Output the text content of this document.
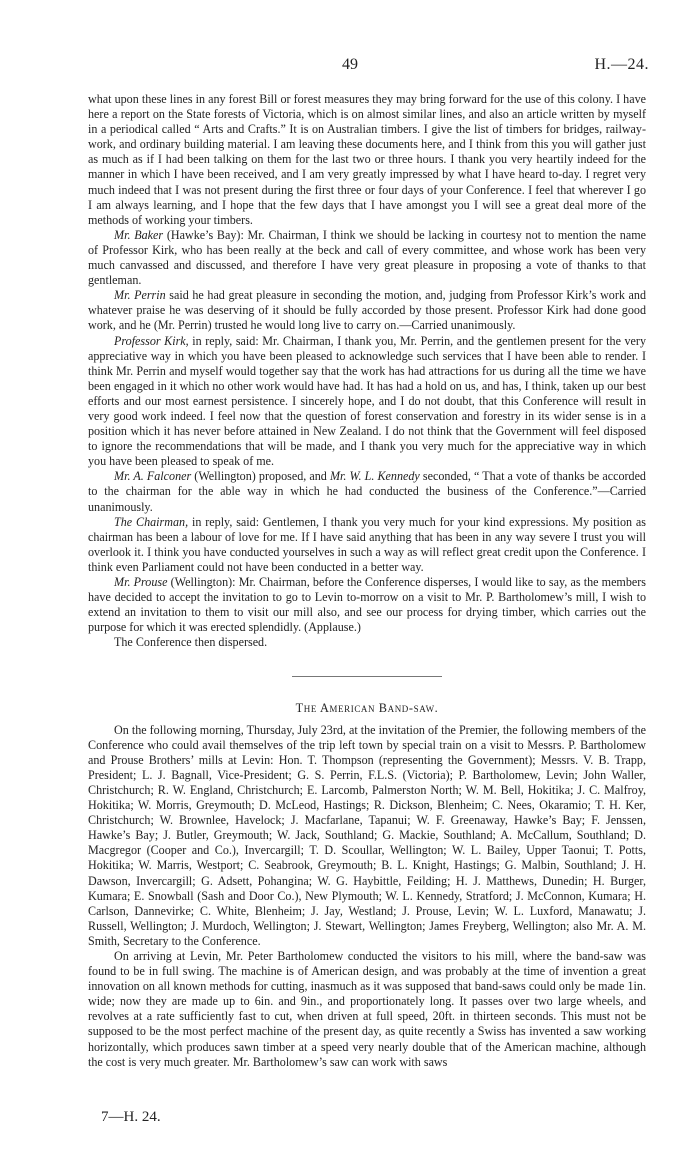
49	H.—24.

what upon these lines in any forest Bill or forest measures they may bring forward for the use of this colony. I have here a report on the State forests of Victoria, which is on almost similar lines, and also an article written by myself in a periodical called “ Arts and Crafts.” It is on Australian timbers. I give the list of timbers for bridges, railway-work, and ordinary building material. I am leaving these documents here, and I think from this you will gather just as much as if I had been talking on them for the last two or three hours. I thank you very heartily indeed for the manner in which I have been received, and I am very greatly impressed by what I have heard to-day. I regret very much indeed that I was not present during the first three or four days of your Conference. I feel that wherever I go I am always learning, and I hope that the few days that I have amongst you I will see a great deal more of the methods of working your timbers.

Mr. Baker (Hawke’s Bay): Mr. Chairman, I think we should be lacking in courtesy not to mention the name of Professor Kirk, who has been really at the beck and call of every committee, and whose work has been very much canvassed and discussed, and therefore I have very great pleasure in proposing a vote of thanks to that gentleman.

Mr. Perrin said he had great pleasure in seconding the motion, and, judging from Professor Kirk’s work and whatever praise he was deserving of it should be fully accorded by those present. Professor Kirk had done good work, and he (Mr. Perrin) trusted he would long live to carry on.—Carried unanimously.

Professor Kirk, in reply, said: Mr. Chairman, I thank you, Mr. Perrin, and the gentlemen present for the very appreciative way in which you have been pleased to acknowledge such services that I have been able to render. I think Mr. Perrin and myself would together say that the work has had attractions for us during all the time we have been engaged in it which no other work would have had. It has had a hold on us, and has, I think, taken up our best efforts and our most earnest persistence. I sincerely hope, and I do not doubt, that this Conference will result in very good work indeed. I feel now that the question of forest conservation and forestry in its wider sense is in a position which it has never before attained in New Zealand. I do not think that the Government will feel disposed to ignore the recommendations that will be made, and I thank you very much for the appreciative way in which you have been pleased to speak of me.

Mr. A. Falconer (Wellington) proposed, and Mr. W. L. Kennedy seconded, “ That a vote of thanks be accorded to the chairman for the able way in which he had conducted the business of the Conference.”—Carried unanimously.

The Chairman, in reply, said: Gentlemen, I thank you very much for your kind expressions. My position as chairman has been a labour of love for me. If I have said anything that has been in any way severe I trust you will overlook it. I think you have conducted yourselves in such a way as will reflect great credit upon the Conference. I think even Parliament could not have been conducted in a better way.

Mr. Prouse (Wellington): Mr. Chairman, before the Conference disperses, I would like to say, as the members have decided to accept the invitation to go to Levin to-morrow on a visit to Mr. P. Bartholomew’s mill, I wish to extend an invitation to them to visit our mill also, and see our process for drying timber, which carries out the purpose for which it was erected splendidly. (Applause.)

The Conference then dispersed.

The American Band-saw.

On the following morning, Thursday, July 23rd, at the invitation of the Premier, the following members of the Conference who could avail themselves of the trip left town by special train on a visit to Messrs. P. Bartholomew and Prouse Brothers’ mills at Levin: Hon. T. Thompson (representing the Government); Messrs. V. B. Trapp, President; L. J. Bagnall, Vice-President; G. S. Perrin, F.L.S. (Victoria); P. Bartholomew, Levin; John Waller, Christchurch; R. W. England, Christchurch; E. Larcomb, Palmerston North; W. M. Bell, Hokitika; J. C. Malfroy, Hokitika; W. Morris, Greymouth; D. McLeod, Hastings; R. Dickson, Blenheim; C. Nees, Okaramio; T. H. Ker, Christchurch; W. Brownlee, Havelock; J. Macfarlane, Tapanui; W. F. Greenaway, Hawke’s Bay; F. Jenssen, Hawke’s Bay; J. Butler, Greymouth; W. Jack, Southland; G. Mackie, Southland; A. McCallum, Southland; D. Macgregor (Cooper and Co.), Invercargill; T. D. Scoullar, Wellington; W. L. Bailey, Upper Taonui; T. Potts, Hokitika; W. Marris, Westport; C. Seabrook, Greymouth; B. L. Knight, Hastings; G. Malbin, Southland; J. H. Dawson, Invercargill; G. Adsett, Pohangina; W. G. Haybittle, Feilding; H. J. Matthews, Dunedin; H. Burger, Kumara; E. Snowball (Sash and Door Co.), New Plymouth; W. L. Kennedy, Stratford; J. McConnon, Kumara; H. Carlson, Dannevirke; C. White, Blenheim; J. Jay, Westland; J. Prouse, Levin; W. L. Luxford, Manawatu; J. Russell, Wellington; J. Murdoch, Wellington; J. Stewart, Wellington; James Freyberg, Wellington; also Mr. A. M. Smith, Secretary to the Conference.

On arriving at Levin, Mr. Peter Bartholomew conducted the visitors to his mill, where the band-saw was found to be in full swing. The machine is of American design, and was probably at the time of invention a great innovation on all known methods for cutting, inasmuch as it was supposed that band-saws could only be made 1in. wide; now they are made up to 6in. and 9in., and proportionately long. It passes over two large wheels, and revolves at a rate sufficiently fast to cut, when driven at full speed, 20ft. in thirteen seconds. This must not be supposed to be the most perfect machine of the present day, as quite recently a Swiss has invented a saw working horizontally, which produces sawn timber at a speed very nearly double that of the American machine, although the cost is very much greater. Mr. Bartholomew’s saw can work with saws

7—H. 24.
